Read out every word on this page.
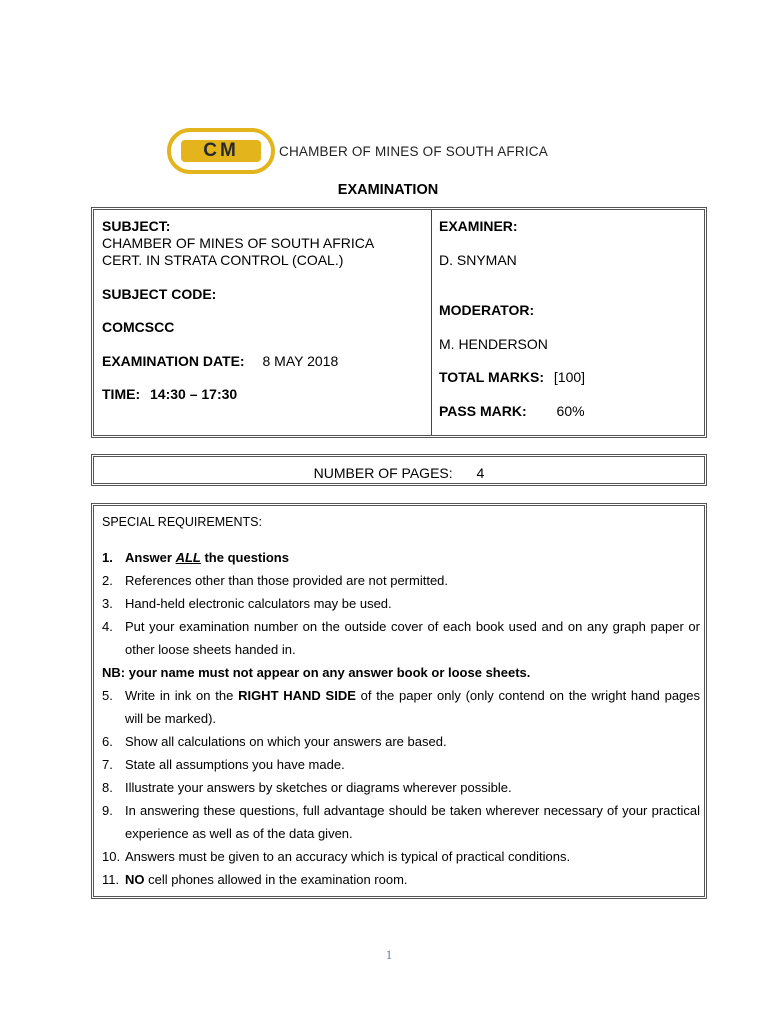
CM	CHAMBER OF MINES OF SOUTH AFRICA
EXAMINATION
SUBJECT:
CHAMBER OF MINES OF SOUTH AFRICA
CERT. IN STRATA CONTROL (COAL.)
SUBJECT CODE:
COMCSCC
EXAMINATION DATE: 8 MAY 2018
TIME: 14:30 – 17:30
EXAMINER:
D. SNYMAN
MODERATOR:
M. HENDERSON
TOTAL MARKS: [100]
PASS MARK: 60%
NUMBER OF PAGES: 4
SPECIAL REQUIREMENTS:
1. Answer ALL the questions
2. References other than those provided are not permitted.
3. Hand-held electronic calculators may be used.
4. Put your examination number on the outside cover of each book used and on any graph paper or other loose sheets handed in.
NB: your name must not appear on any answer book or loose sheets.
5. Write in ink on the RIGHT HAND SIDE of the paper only (only contend on the wright hand pages will be marked).
6. Show all calculations on which your answers are based.
7. State all assumptions you have made.
8. Illustrate your answers by sketches or diagrams wherever possible.
9. In answering these questions, full advantage should be taken wherever necessary of your practical experience as well as of the data given.
10. Answers must be given to an accuracy which is typical of practical conditions.
11. NO cell phones allowed in the examination room.
1
